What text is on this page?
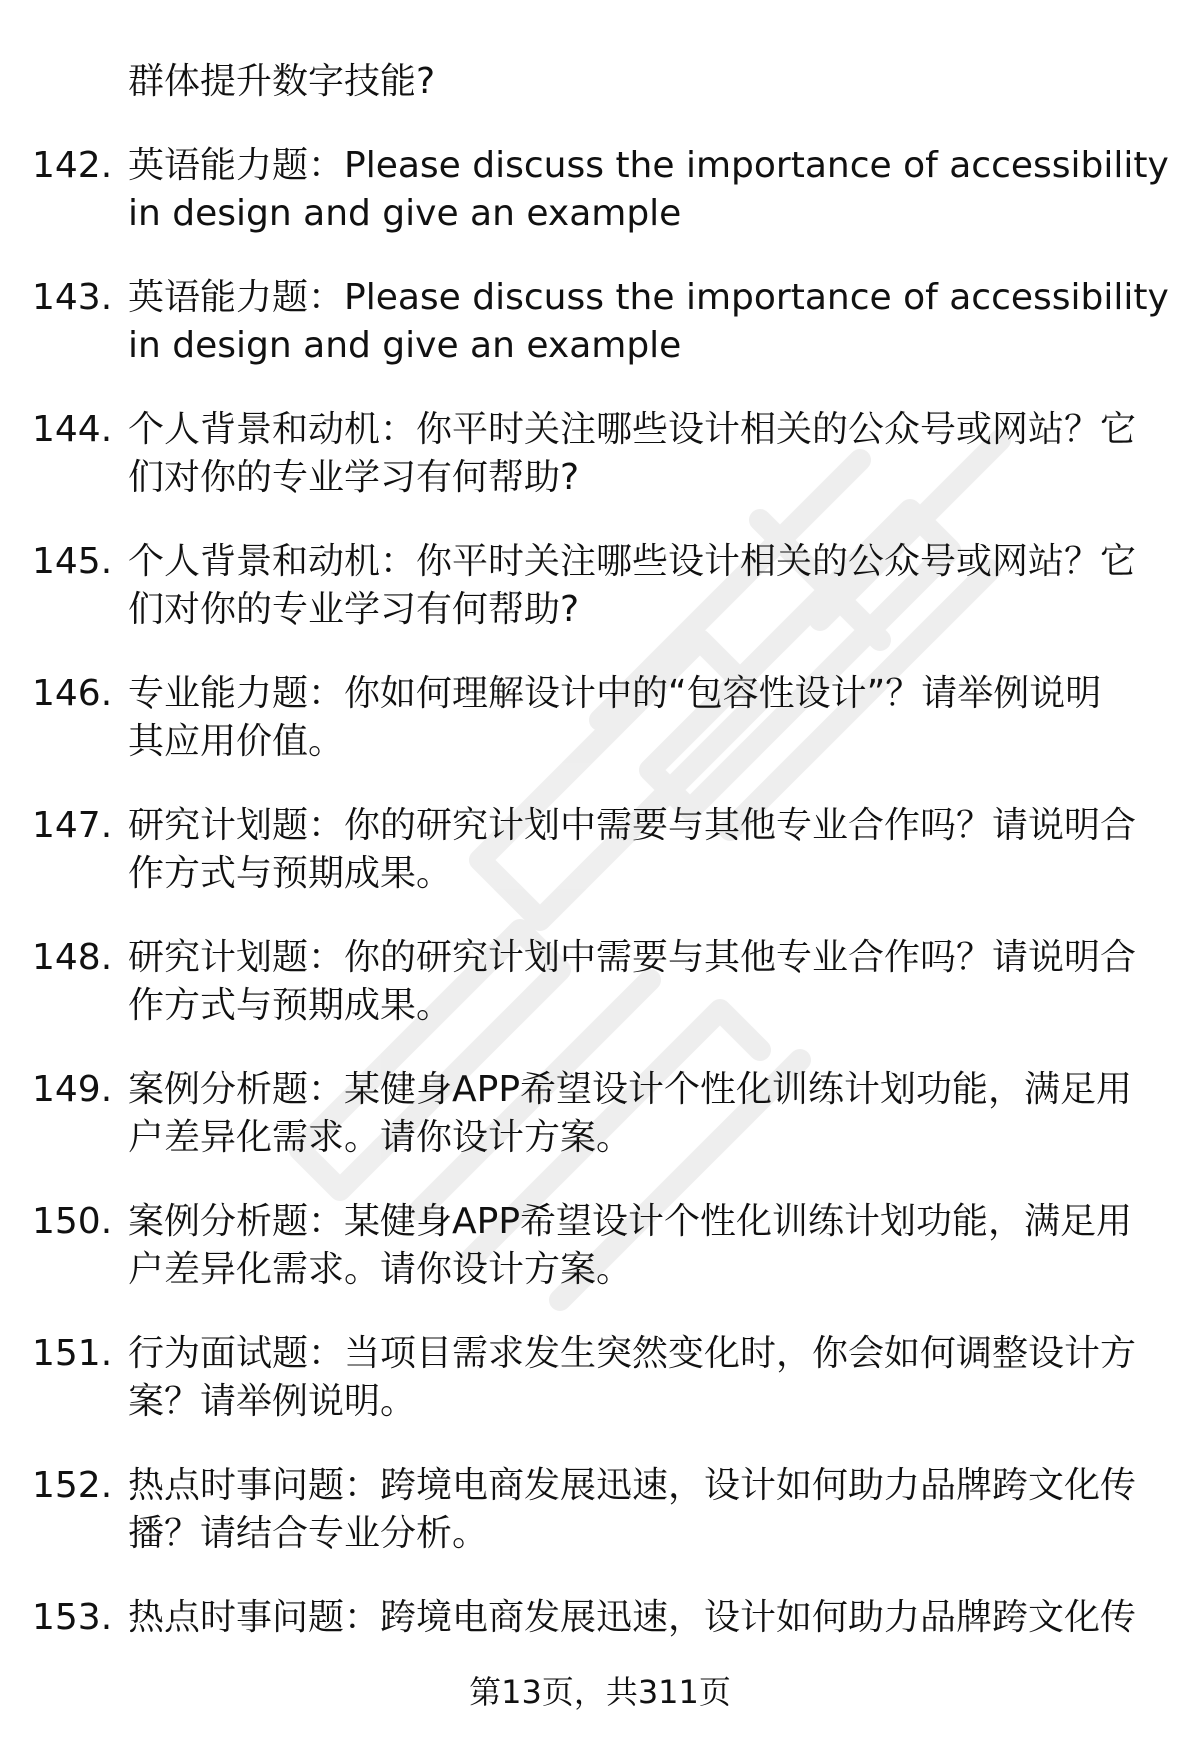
群体提升数字技能?
142. 英语能力题：Please discuss the importance of accessibility
in design and give an example
143. 英语能力题：Please discuss the importance of accessibility
in design and give an example
144. 个人背景和动机：你平时关注哪些设计相关的公众号或网站？它
们对你的专业学习有何帮助?
145. 个人背景和动机：你平时关注哪些设计相关的公众号或网站？它
们对你的专业学习有何帮助?
146. 专业能力题：你如何理解设计中的“包容性设计”？请举例说明
其应用价值。
147. 研究计划题：你的研究计划中需要与其他专业合作吗？请说明合
作方式与预期成果。
148. 研究计划题：你的研究计划中需要与其他专业合作吗？请说明合
作方式与预期成果。
149. 案例分析题：某健身APP希望设计个性化训练计划功能，满足用
户差异化需求。请你设计方案。
150. 案例分析题：某健身APP希望设计个性化训练计划功能，满足用
户差异化需求。请你设计方案。
151. 行为面试题：当项目需求发生突然变化时，你会如何调整设计方
案？请举例说明。
152. 热点时事问题：跨境电商发展迅速，设计如何助力品牌跨文化传
播？请结合专业分析。
153. 热点时事问题：跨境电商发展迅速，设计如何助力品牌跨文化传
第13页，共311页
